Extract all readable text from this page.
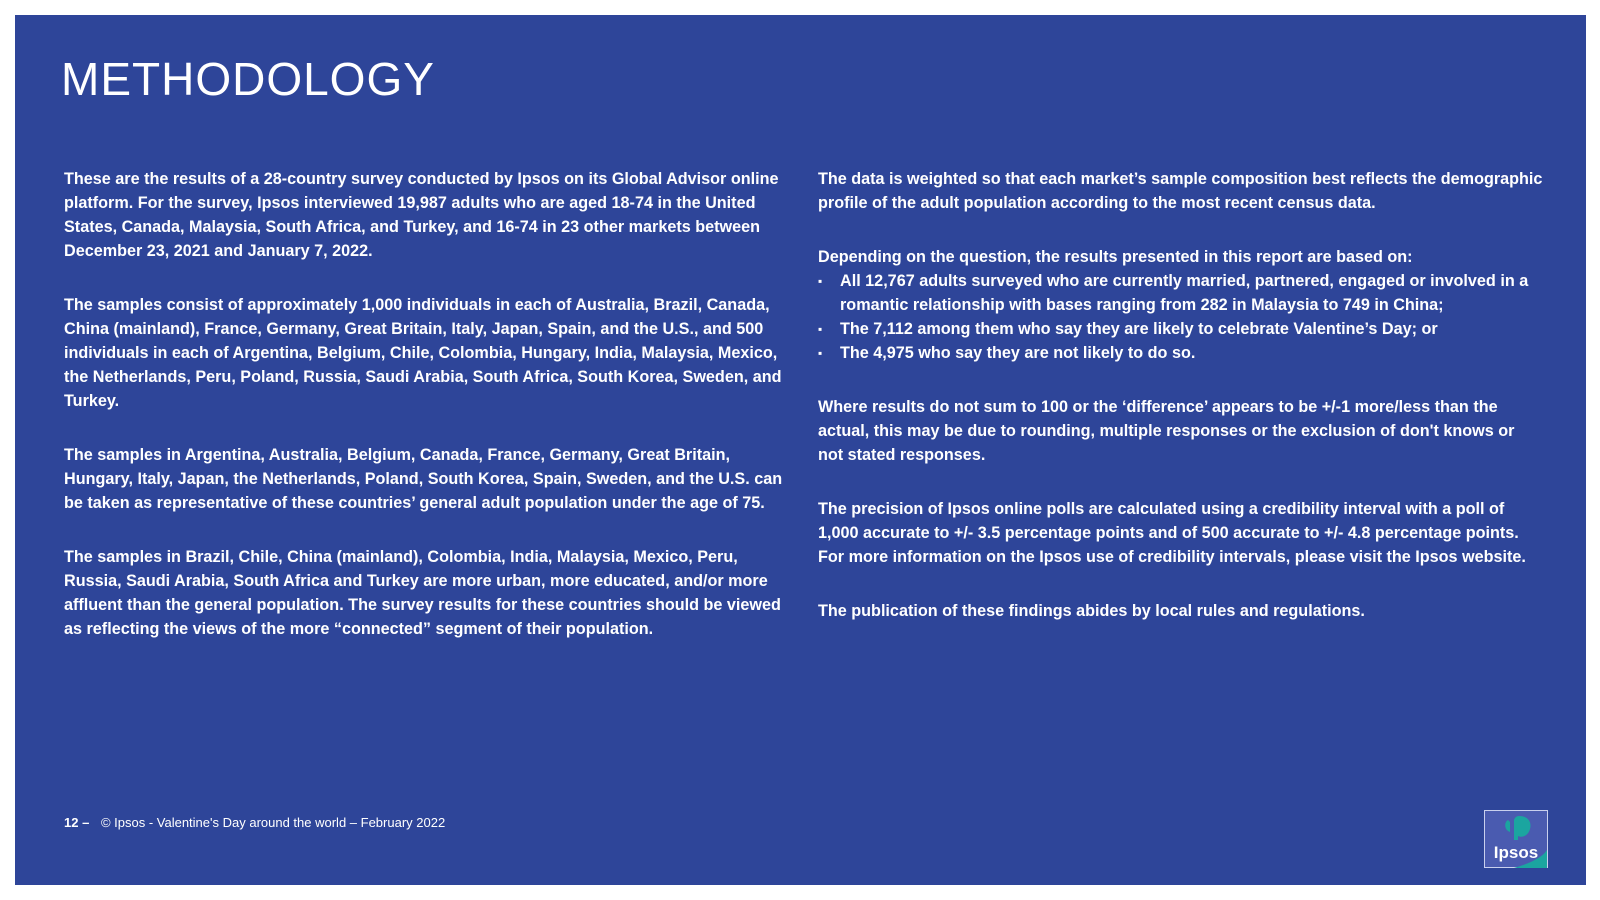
METHODOLOGY

These are the results of a 28-country survey conducted by Ipsos on its Global Advisor online platform. For the survey, Ipsos interviewed 19,987 adults who are aged 18-74 in the United States, Canada, Malaysia, South Africa, and Turkey, and 16-74 in 23 other markets between December 23, 2021 and January 7, 2022.

The samples consist of approximately 1,000 individuals in each of Australia, Brazil, Canada, China (mainland), France, Germany, Great Britain, Italy, Japan, Spain, and the U.S., and 500 individuals in each of Argentina, Belgium, Chile, Colombia, Hungary, India, Malaysia, Mexico, the Netherlands, Peru, Poland, Russia, Saudi Arabia, South Africa, South Korea, Sweden, and Turkey.

The samples in Argentina, Australia, Belgium, Canada, France, Germany, Great Britain, Hungary, Italy, Japan, the Netherlands, Poland, South Korea, Spain, Sweden, and the U.S. can be taken as representative of these countries’ general adult population under the age of 75.

The samples in Brazil, Chile, China (mainland), Colombia, India, Malaysia, Mexico, Peru, Russia, Saudi Arabia, South Africa and Turkey are more urban, more educated, and/or more affluent than the general population. The survey results for these countries should be viewed as reflecting the views of the more “connected” segment of their population.

The data is weighted so that each market’s sample composition best reflects the demographic profile of the adult population according to the most recent census data.

Depending on the question, the results presented in this report are based on:

▪ All 12,767 adults surveyed who are currently married, partnered, engaged or involved in a romantic relationship with bases ranging from 282 in Malaysia to 749 in China;
▪ The 7,112 among them who say they are likely to celebrate Valentine’s Day; or
▪ The 4,975 who say they are not likely to do so.

Where results do not sum to 100 or the ‘difference’ appears to be +/-1 more/less than the actual, this may be due to rounding, multiple responses or the exclusion of don't knows or not stated responses.

The precision of Ipsos online polls are calculated using a credibility interval with a poll of 1,000 accurate to +/- 3.5 percentage points and of 500 accurate to +/- 4.8 percentage points. For more information on the Ipsos use of credibility intervals, please visit the Ipsos website.

The publication of these findings abides by local rules and regulations.

12 – © Ipsos - Valentine's Day around the world – February 2022
Ipsos
